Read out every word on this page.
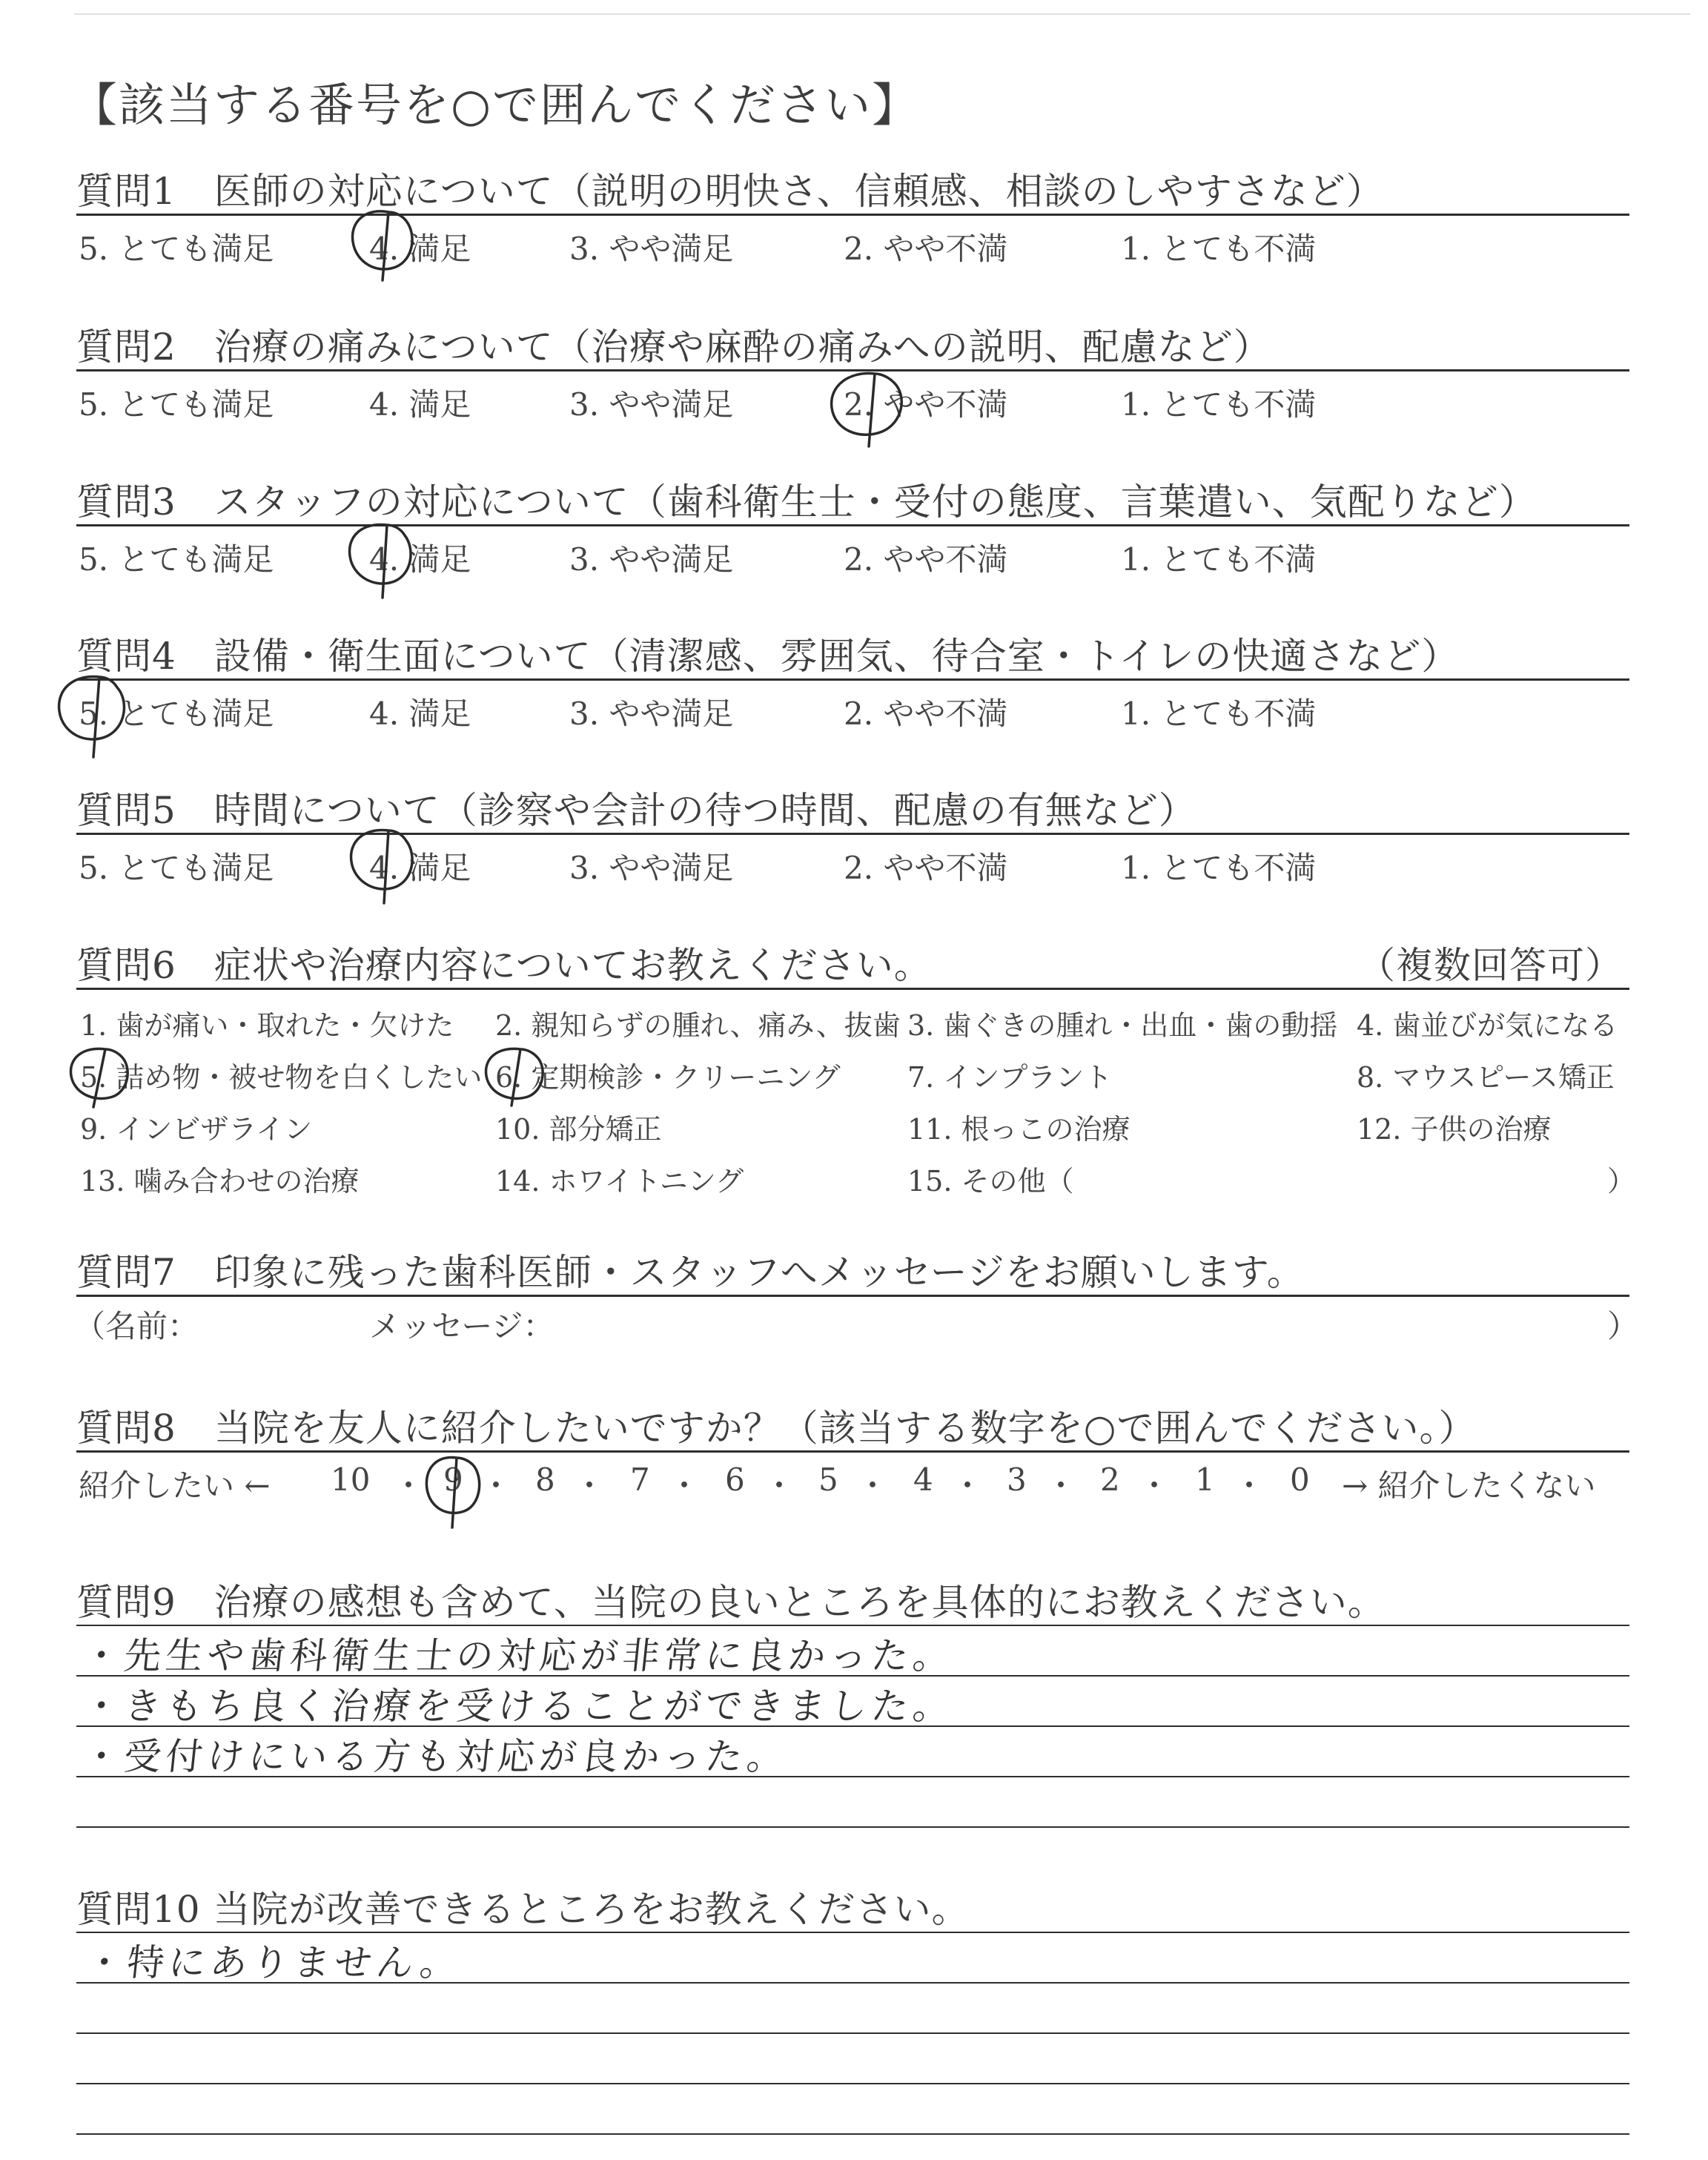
【該当する番号を○で囲んでください】
質問1　医師の対応について（説明の明快さ、信頼感、相談のしやすさなど）
5. とても満足	4. 満足	3. やや満足	2. やや不満	1. とても不満
質問2　治療の痛みについて（治療や麻酔の痛みへの説明、配慮など）
5. とても満足	4. 満足	3. やや満足	2. やや不満	1. とても不満
質問3　スタッフの対応について（歯科衛生士・受付の態度、言葉遣い、気配りなど）
5. とても満足	4. 満足	3. やや満足	2. やや不満	1. とても不満
質問4　設備・衛生面について（清潔感、雰囲気、待合室・トイレの快適さなど）
5. とても満足	4. 満足	3. やや満足	2. やや不満	1. とても不満
質問5　時間について（診察や会計の待つ時間、配慮の有無など）
5. とても満足	4. 満足	3. やや満足	2. やや不満	1. とても不満
質問6　症状や治療内容についてお教えください。	（複数回答可）
1. 歯が痛い・取れた・欠けた 2. 親知らずの腫れ、痛み、抜歯 3. 歯ぐきの腫れ・出血・歯の動揺 4. 歯並びが気になる
5. 詰め物・被せ物を白くしたい 6. 定期検診・クリーニング 7. インプラント	8. マウスピース矯正
9. インビザライン	10. 部分矯正	11. 根っこの治療	12. 子供の治療
13. 噛み合わせの治療	14. ホワイトニング	15. その他（	）
質問7　印象に残った歯科医師・スタッフへメッセージをお願いします。
（名前：	メッセージ：	）
質問8　当院を友人に紹介したいですか？（該当する数字を○で囲んでください。）
紹介したい ← 10 ・ 9 ・ 8 ・ 7 ・ 6 ・ 5 ・ 4 ・ 3 ・ 2 ・ 1 ・ 0 → 紹介したくない
質問9　治療の感想も含めて、当院の良いところを具体的にお教えください。
・先生や歯科衛生士の対応が非常に良かった。
・きもち良く治療を受けることができました。
・受付けにいる方も対応が良かった。
質問10 当院が改善できるところをお教えください。
・特にありません。
